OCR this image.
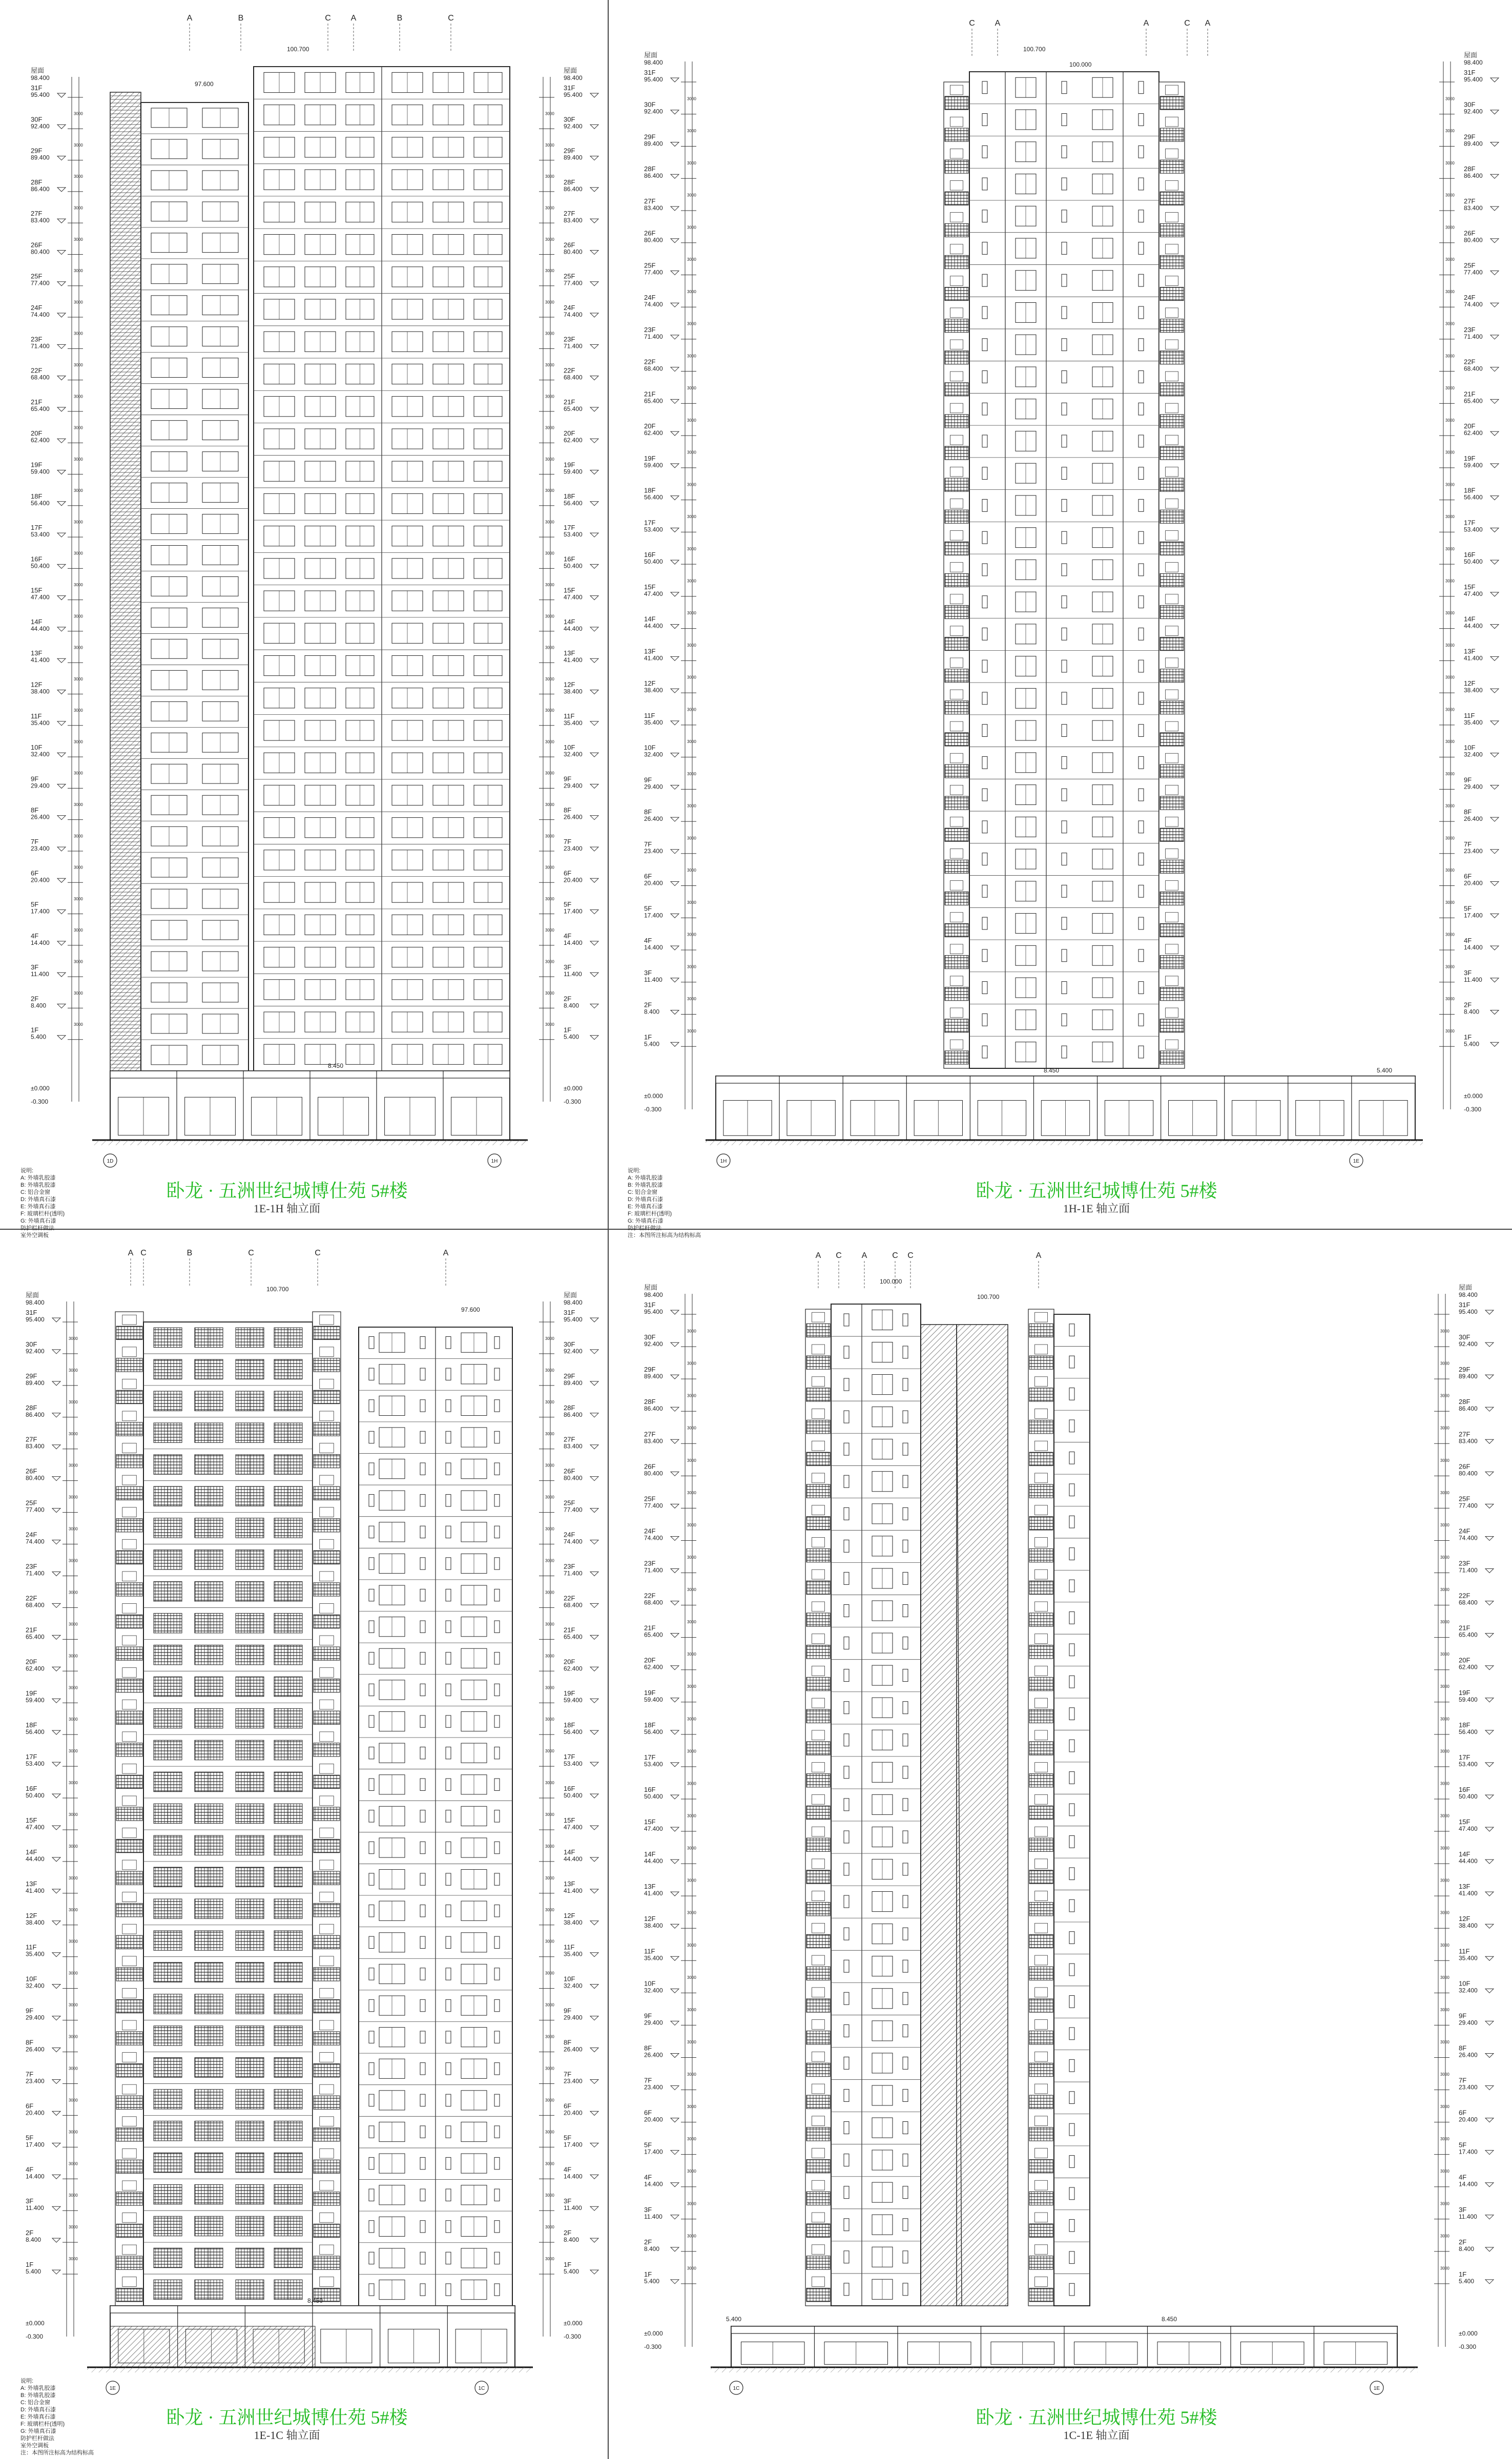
31F
95.400
3000
30F
92.400
3000
29F
89.400
3000
28F
86.400
3000
27F
83.400
3000
26F
80.400
3000
25F
77.400
3000
24F
74.400
3000
23F
71.400
3000
22F
68.400
3000
21F
65.400
3000
20F
62.400
3000
19F
59.400
3000
18F
56.400
3000
17F
53.400
3000
16F
50.400
3000
15F
47.400
3000
14F
44.400
3000
13F
41.400
3000
12F
38.400
3000
11F
35.400
3000
10F
32.400
3000
9F
29.400
3000
8F
26.400
3000
7F
23.400
3000
6F
20.400
3000
5F
17.400
3000
4F
14.400
3000
3F
11.400
3000
2F
8.400
3000
1F
5.400
屋面
98.400
±0.000
-0.300
31F
95.400
3000
30F
92.400
3000
29F
89.400
3000
28F
86.400
3000
27F
83.400
3000
26F
80.400
3000
25F
77.400
3000
24F
74.400
3000
23F
71.400
3000
22F
68.400
3000
21F
65.400
3000
20F
62.400
3000
19F
59.400
3000
18F
56.400
3000
17F
53.400
3000
16F
50.400
3000
15F
47.400
3000
14F
44.400
3000
13F
41.400
3000
12F
38.400
3000
11F
35.400
3000
10F
32.400
3000
9F
29.400
3000
8F
26.400
3000
7F
23.400
3000
6F
20.400
3000
5F
17.400
3000
4F
14.400
3000
3F
11.400
3000
2F
8.400
3000
1F
5.400
屋面
98.400
±0.000
-0.300
100.700
97.600
8.450
A	B	C A	B	C
1D	1H
31F
95.400
3000
30F
92.400
3000
29F
89.400
3000
28F
86.400
3000
27F
83.400
3000
26F
80.400
3000
25F
77.400
3000
24F
74.400
3000
23F
71.400
3000
22F
68.400
3000
21F
65.400
3000
20F
62.400
3000
19F
59.400
3000
18F
56.400
3000
17F
53.400
3000
16F
50.400
3000
15F
47.400
3000
14F
44.400
3000
13F
41.400
3000
12F
38.400
3000
11F
35.400
3000
10F
32.400
3000
9F
29.400
3000
8F
26.400
3000
7F
23.400
3000
6F
20.400
3000
5F
17.400
3000
4F
14.400
3000
3F
11.400
3000
2F
8.400
3000
1F
5.400
屋面
98.400
±0.000
-0.300
31F
95.400
3000
30F
92.400
3000
29F
89.400
3000
28F
86.400
3000
27F
83.400
3000
26F
80.400
3000
25F
77.400
3000
24F
74.400
3000
23F
71.400
3000
22F
68.400
3000
21F
65.400
3000
20F
62.400
3000
19F
59.400
3000
18F
56.400
3000
17F
53.400
3000
16F
50.400
3000
15F
47.400
3000
14F
44.400
3000
13F
41.400
3000
12F
38.400
3000
11F
35.400
3000
10F
32.400
3000
9F
29.400
3000
8F
26.400
3000
7F
23.400
3000
6F
20.400
3000
5F
17.400
3000
4F
14.400
3000
3F
11.400
3000
2F
8.400
3000
1F
5.400
屋面
98.400
±0.000
-0.300
100.000
100.700
8.450	5.400
C A	A	C A
1H	1E
31F
95.400
3000
30F
92.400
3000
29F
89.400
3000
28F
86.400
3000
27F
83.400
3000
26F
80.400
3000
25F
77.400
3000
24F
74.400
3000
23F
71.400
3000
22F
68.400
3000
21F
65.400
3000
20F
62.400
3000
19F
59.400
3000
18F
56.400
3000
17F
53.400
3000
16F
50.400
3000
15F
47.400
3000
14F
44.400
3000
13F
41.400
3000
12F
38.400
3000
11F
35.400
3000
10F
32.400
3000
9F
29.400
3000
8F
26.400
3000
7F
23.400
3000
6F
20.400
3000
5F
17.400
3000
4F
14.400
3000
3F
11.400
3000
2F
8.400
3000
1F
5.400
屋面
98.400
±0.000
-0.300
31F
95.400
3000
30F
92.400
3000
29F
89.400
3000
28F
86.400
3000
27F
83.400
3000
26F
80.400
3000
25F
77.400
3000
24F
74.400
3000
23F
71.400
3000
22F
68.400
3000
21F
65.400
3000
20F
62.400
3000
19F
59.400
3000
18F
56.400
3000
17F
53.400
3000
16F
50.400
3000
15F
47.400
3000
14F
44.400
3000
13F
41.400
3000
12F
38.400
3000
11F
35.400
3000
10F
32.400
3000
9F
29.400
3000
8F
26.400
3000
7F
23.400
3000
6F
20.400
3000
5F
17.400
3000
4F
14.400
3000
3F
11.400
3000
2F
8.400
3000
1F
5.400
屋面
98.400
±0.000
-0.300
100.700
97.600
8.450
A C	B	C	C	A
1E	1C
31F
95.400
3000
30F
92.400
3000
29F
89.400
3000
28F
86.400
3000
27F
83.400
3000
26F
80.400
3000
25F
77.400
3000
24F
74.400
3000
23F
71.400
3000
22F
68.400
3000
21F
65.400
3000
20F
62.400
3000
19F
59.400
3000
18F
56.400
3000
17F
53.400
3000
16F
50.400
3000
15F
47.400
3000
14F
44.400
3000
13F
41.400
3000
12F
38.400
3000
11F
35.400
3000
10F
32.400
3000
9F
29.400
3000
8F
26.400
3000
7F
23.400
3000
6F
20.400
3000
5F
17.400
3000
4F
14.400
3000
3F
11.400
3000
2F
8.400
3000
1F
5.400
屋面
98.400
±0.000
-0.300
31F
95.400
3000
30F
92.400
3000
29F
89.400
3000
28F
86.400
3000
27F
83.400
3000
26F
80.400
3000
25F
77.400
3000
24F
74.400
3000
23F
71.400
3000
22F
68.400
3000
21F
65.400
3000
20F
62.400
3000
19F
59.400
3000
18F
56.400
3000
17F
53.400
3000
16F
50.400
3000
15F
47.400
3000
14F
44.400
3000
13F
41.400
3000
12F
38.400
3000
11F
35.400
3000
10F
32.400
3000
9F
29.400
3000
8F
26.400
3000
7F
23.400
3000
6F
20.400
3000
5F
17.400
3000
4F
14.400
3000
3F
11.400
3000
2F
8.400
3000
1F
5.400
屋面
98.400
±0.000
-0.300
100.700
100.000
8.450
5.400
A C A	C C	A
1C	1E
卧龙 · 五洲世纪城博仕苑 5#楼
1E-1H 轴立面
卧龙 · 五洲世纪城博仕苑 5#楼
1H-1E 轴立面
卧龙 · 五洲世纪城博仕苑 5#楼
1E-1C 轴立面
卧龙 · 五洲世纪城博仕苑 5#楼
1C-1E 轴立面
说明:
A: 外墙乳胶漆
B: 外墙乳胶漆
C: 铝合金窗
D: 外墙真石漆
E: 外墙真石漆
F: 玻璃栏杆(透明)
G: 外墙真石漆
防护栏杆做法
室外空调板
说明:
A: 外墙乳胶漆
B: 外墙乳胶漆
C: 铝合金窗
D: 外墙真石漆
E: 外墙真石漆
F: 玻璃栏杆(透明)
G: 外墙真石漆
防护栏杆做法
注：本图所注标高为结构标高
说明:
A: 外墙乳胶漆
B: 外墙乳胶漆
C: 铝合金窗
D: 外墙真石漆
E: 外墙真石漆
F: 玻璃栏杆(透明)
G: 外墙真石漆
防护栏杆做法
室外空调板
注：本图所注标高为结构标高
